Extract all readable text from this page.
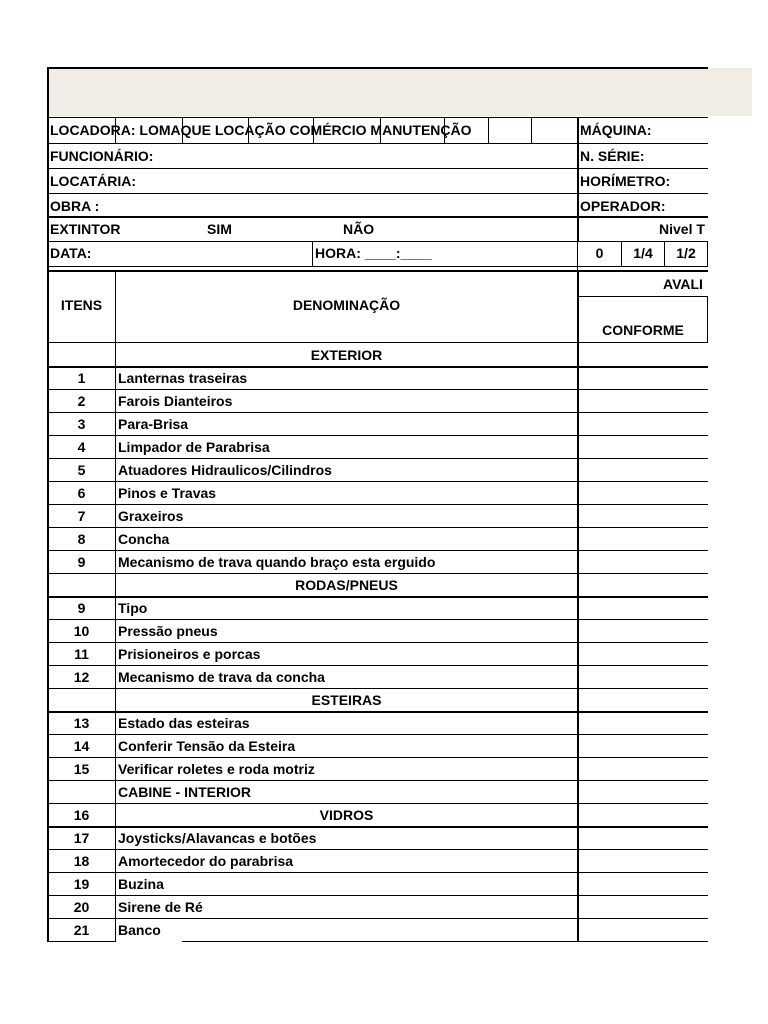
LOCADORA: LOMAQUE LOCAÇÃO COMÉRCIO MANUTENÇÃO	MÁQUINA:
FUNCIONÁRIO:	N. SÉRIE:
LOCATÁRIA:	HORÍMETRO:
OBRA :	OPERADOR:
EXTINTOR	SIM	NÃO	Nivel T
DATA:	HORA: ____:____	0	1/4	1/2
ITENS	DENOMINAÇÃO
AVALI
CONFORME
EXTERIOR
1	Lanternas traseiras
2	Farois Dianteiros
3	Para-Brisa
4	Limpador de Parabrisa
5	Atuadores Hidraulicos/Cilindros
6	Pinos e Travas
7	Graxeiros
8	Concha
9	Mecanismo de trava quando braço esta erguido
RODAS/PNEUS
9	Tipo
10	Pressão pneus
11	Prisioneiros e porcas
12	Mecanismo de trava da concha
ESTEIRAS
13	Estado das esteiras
14	Conferir Tensão da Esteira
15	Verificar roletes e roda motriz
CABINE - INTERIOR
16	VIDROS
17	Joysticks/Alavancas e botões
18	Amortecedor do parabrisa
19	Buzina
20	Sirene de Ré
21	Banco
